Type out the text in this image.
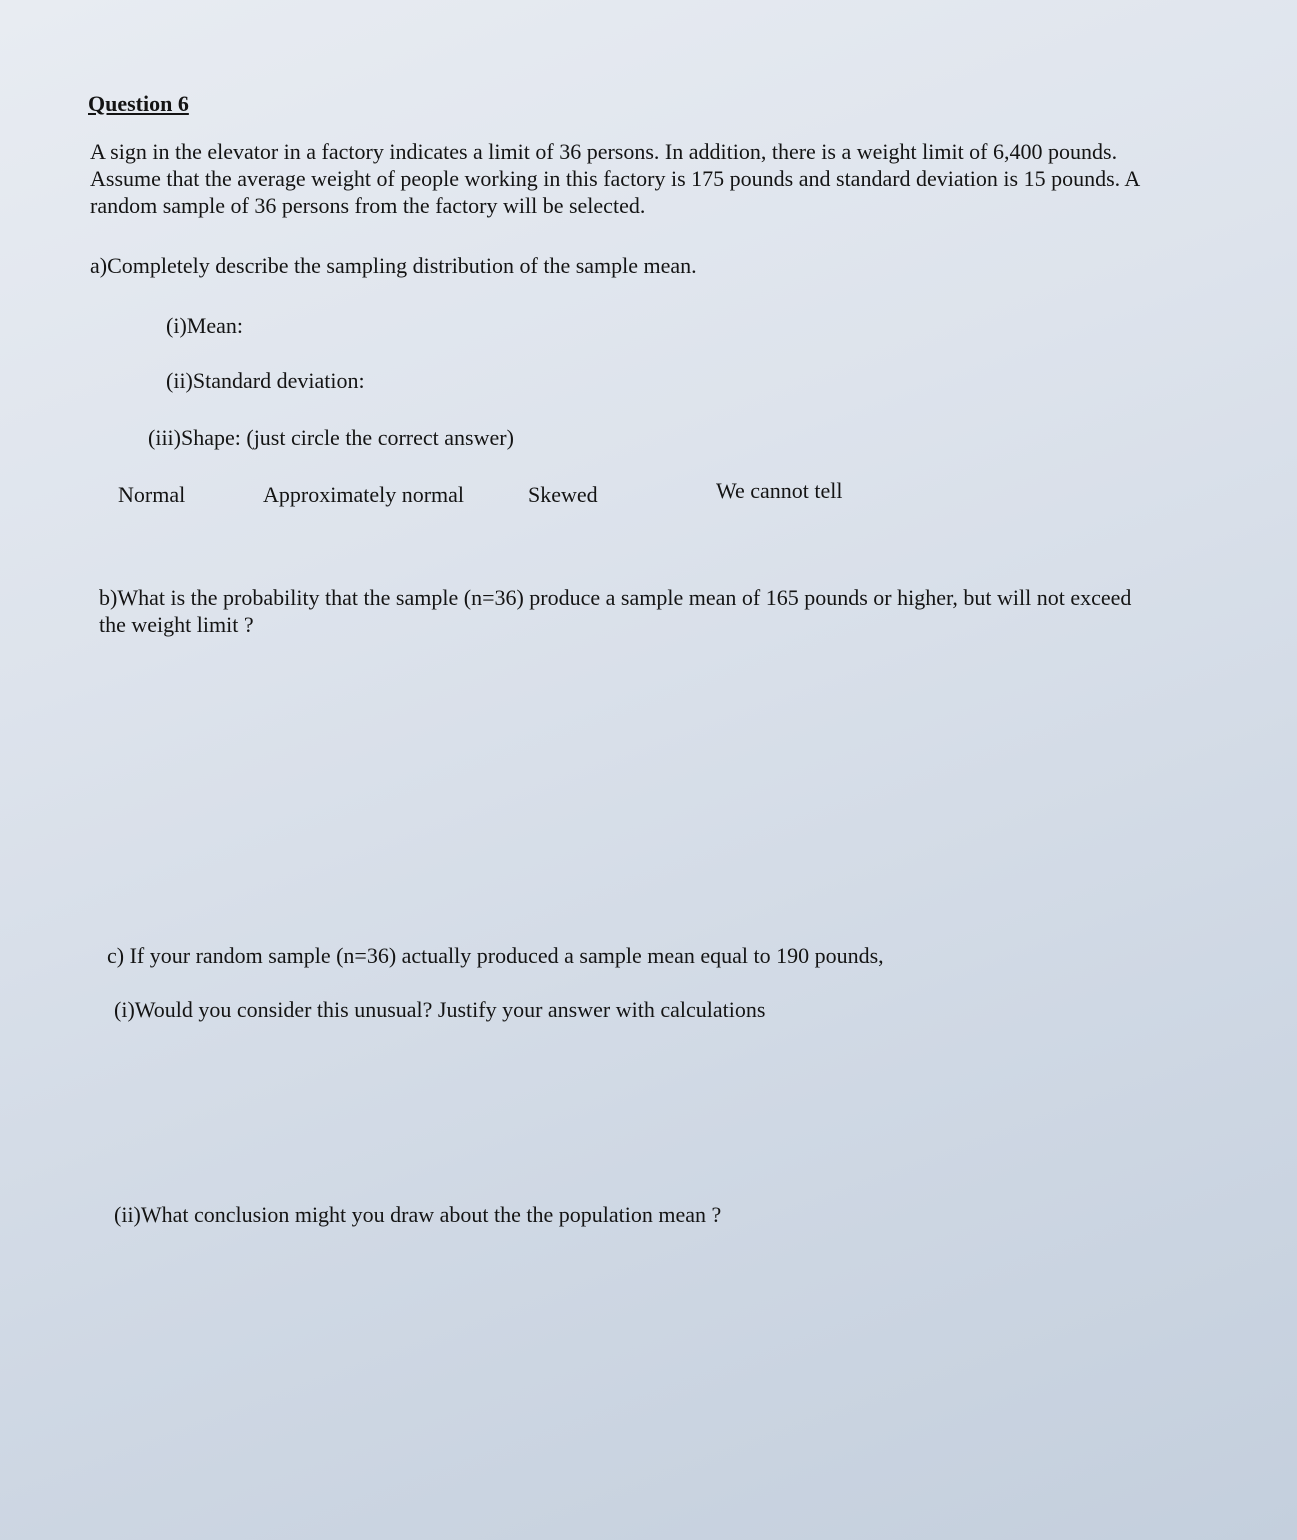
Question 6
A sign in the elevator in a factory indicates a limit of 36 persons. In addition, there is a weight limit of 6,400 pounds.
Assume that the average weight of people working in this factory is 175 pounds and standard deviation is 15 pounds. A
random sample of 36 persons from the factory will be selected.
a)Completely describe the sampling distribution of the sample mean.
(i)Mean:
(ii)Standard deviation:
(iii)Shape: (just circle the correct answer)
Normal	Approximately normal	Skewed	We cannot tell
b)What is the probability that the sample (n=36) produce a sample mean of 165 pounds or higher, but will not exceed
the weight limit ?
c) If your random sample (n=36) actually produced a sample mean equal to 190 pounds,
(i)Would you consider this unusual? Justify your answer with calculations
(ii)What conclusion might you draw about the the population mean ?
